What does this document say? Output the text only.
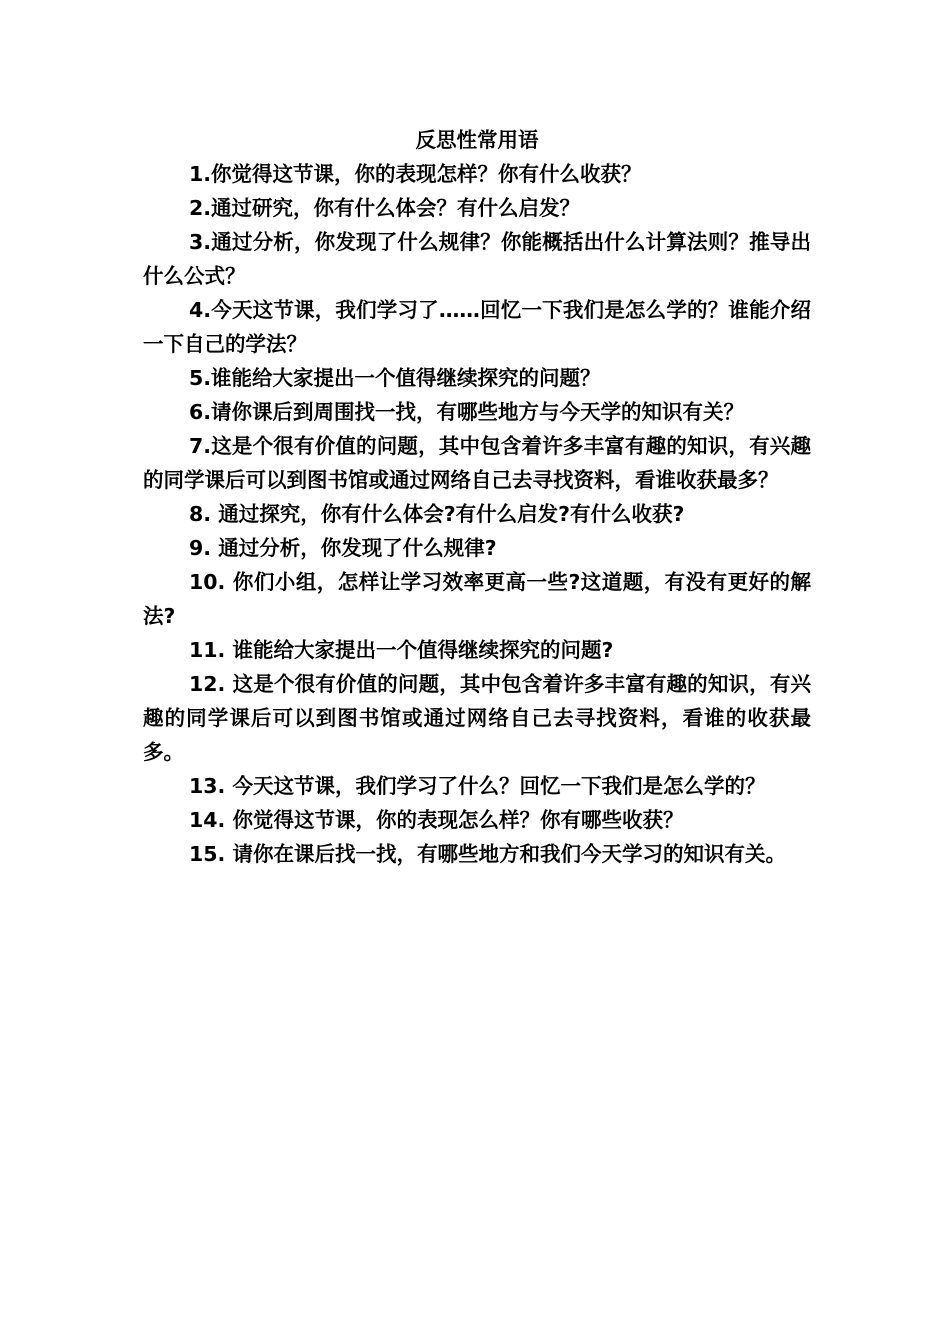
反思性常用语

1.你觉得这节课，你的表现怎样？你有什么收获？

2.通过研究，你有什么体会？有什么启发？

3.通过分析，你发现了什么规律？你能概括出什么计算法则？推导出什么公式？

4.今天这节课，我们学习了……回忆一下我们是怎么学的？谁能介绍一下自己的学法？

5.谁能给大家提出一个值得继续探究的问题？

6.请你课后到周围找一找，有哪些地方与今天学的知识有关？

7.这是个很有价值的问题，其中包含着许多丰富有趣的知识，有兴趣的同学课后可以到图书馆或通过网络自己去寻找资料，看谁收获最多？

8. 通过探究，你有什么体会?有什么启发?有什么收获?

9. 通过分析，你发现了什么规律?

10. 你们小组，怎样让学习效率更高一些?这道题，有没有更好的解法?

11. 谁能给大家提出一个值得继续探究的问题?

12. 这是个很有价值的问题，其中包含着许多丰富有趣的知识，有兴趣的同学课后可以到图书馆或通过网络自己去寻找资料，看谁的收获最多。

13. 今天这节课，我们学习了什么？回忆一下我们是怎么学的？

14. 你觉得这节课，你的表现怎么样？你有哪些收获？

15. 请你在课后找一找，有哪些地方和我们今天学习的知识有关。
